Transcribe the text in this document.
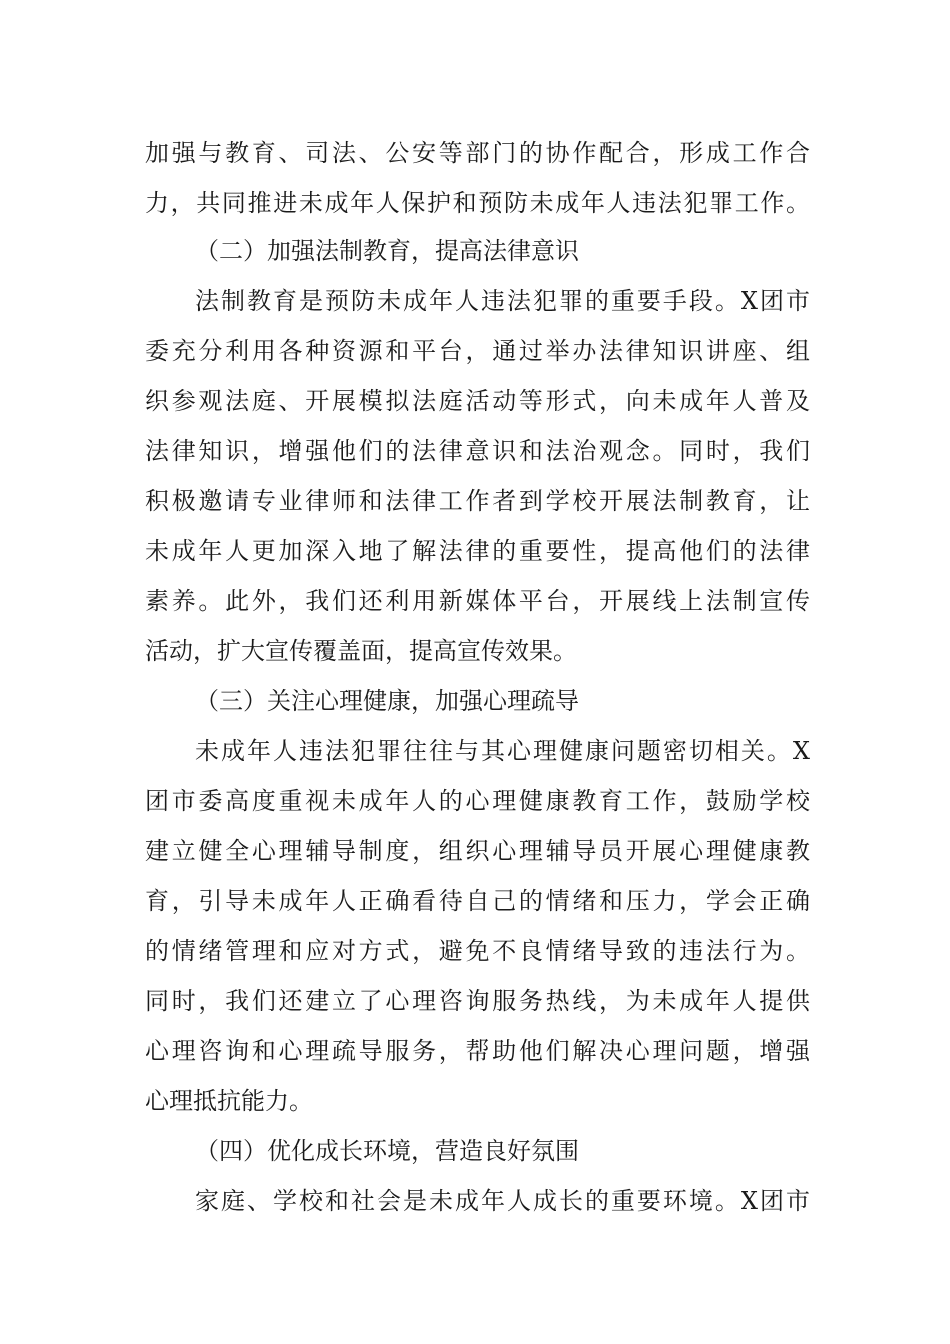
加强与教育、司法、公安等部门的协作配合，形成工作合
力，共同推进未成年人保护和预防未成年人违法犯罪工作。
（二）加强法制教育，提高法律意识
法制教育是预防未成年人违法犯罪的重要手段。X团市
委充分利用各种资源和平台，通过举办法律知识讲座、组
织参观法庭、开展模拟法庭活动等形式，向未成年人普及
法律知识，增强他们的法律意识和法治观念。同时，我们
积极邀请专业律师和法律工作者到学校开展法制教育，让
未成年人更加深入地了解法律的重要性，提高他们的法律
素养。此外，我们还利用新媒体平台，开展线上法制宣传
活动，扩大宣传覆盖面，提高宣传效果。
（三）关注心理健康，加强心理疏导
未成年人违法犯罪往往与其心理健康问题密切相关。X
团市委高度重视未成年人的心理健康教育工作，鼓励学校
建立健全心理辅导制度，组织心理辅导员开展心理健康教
育，引导未成年人正确看待自己的情绪和压力，学会正确
的情绪管理和应对方式，避免不良情绪导致的违法行为。
同时，我们还建立了心理咨询服务热线，为未成年人提供
心理咨询和心理疏导服务，帮助他们解决心理问题，增强
心理抵抗能力。
（四）优化成长环境，营造良好氛围
家庭、学校和社会是未成年人成长的重要环境。X团市
